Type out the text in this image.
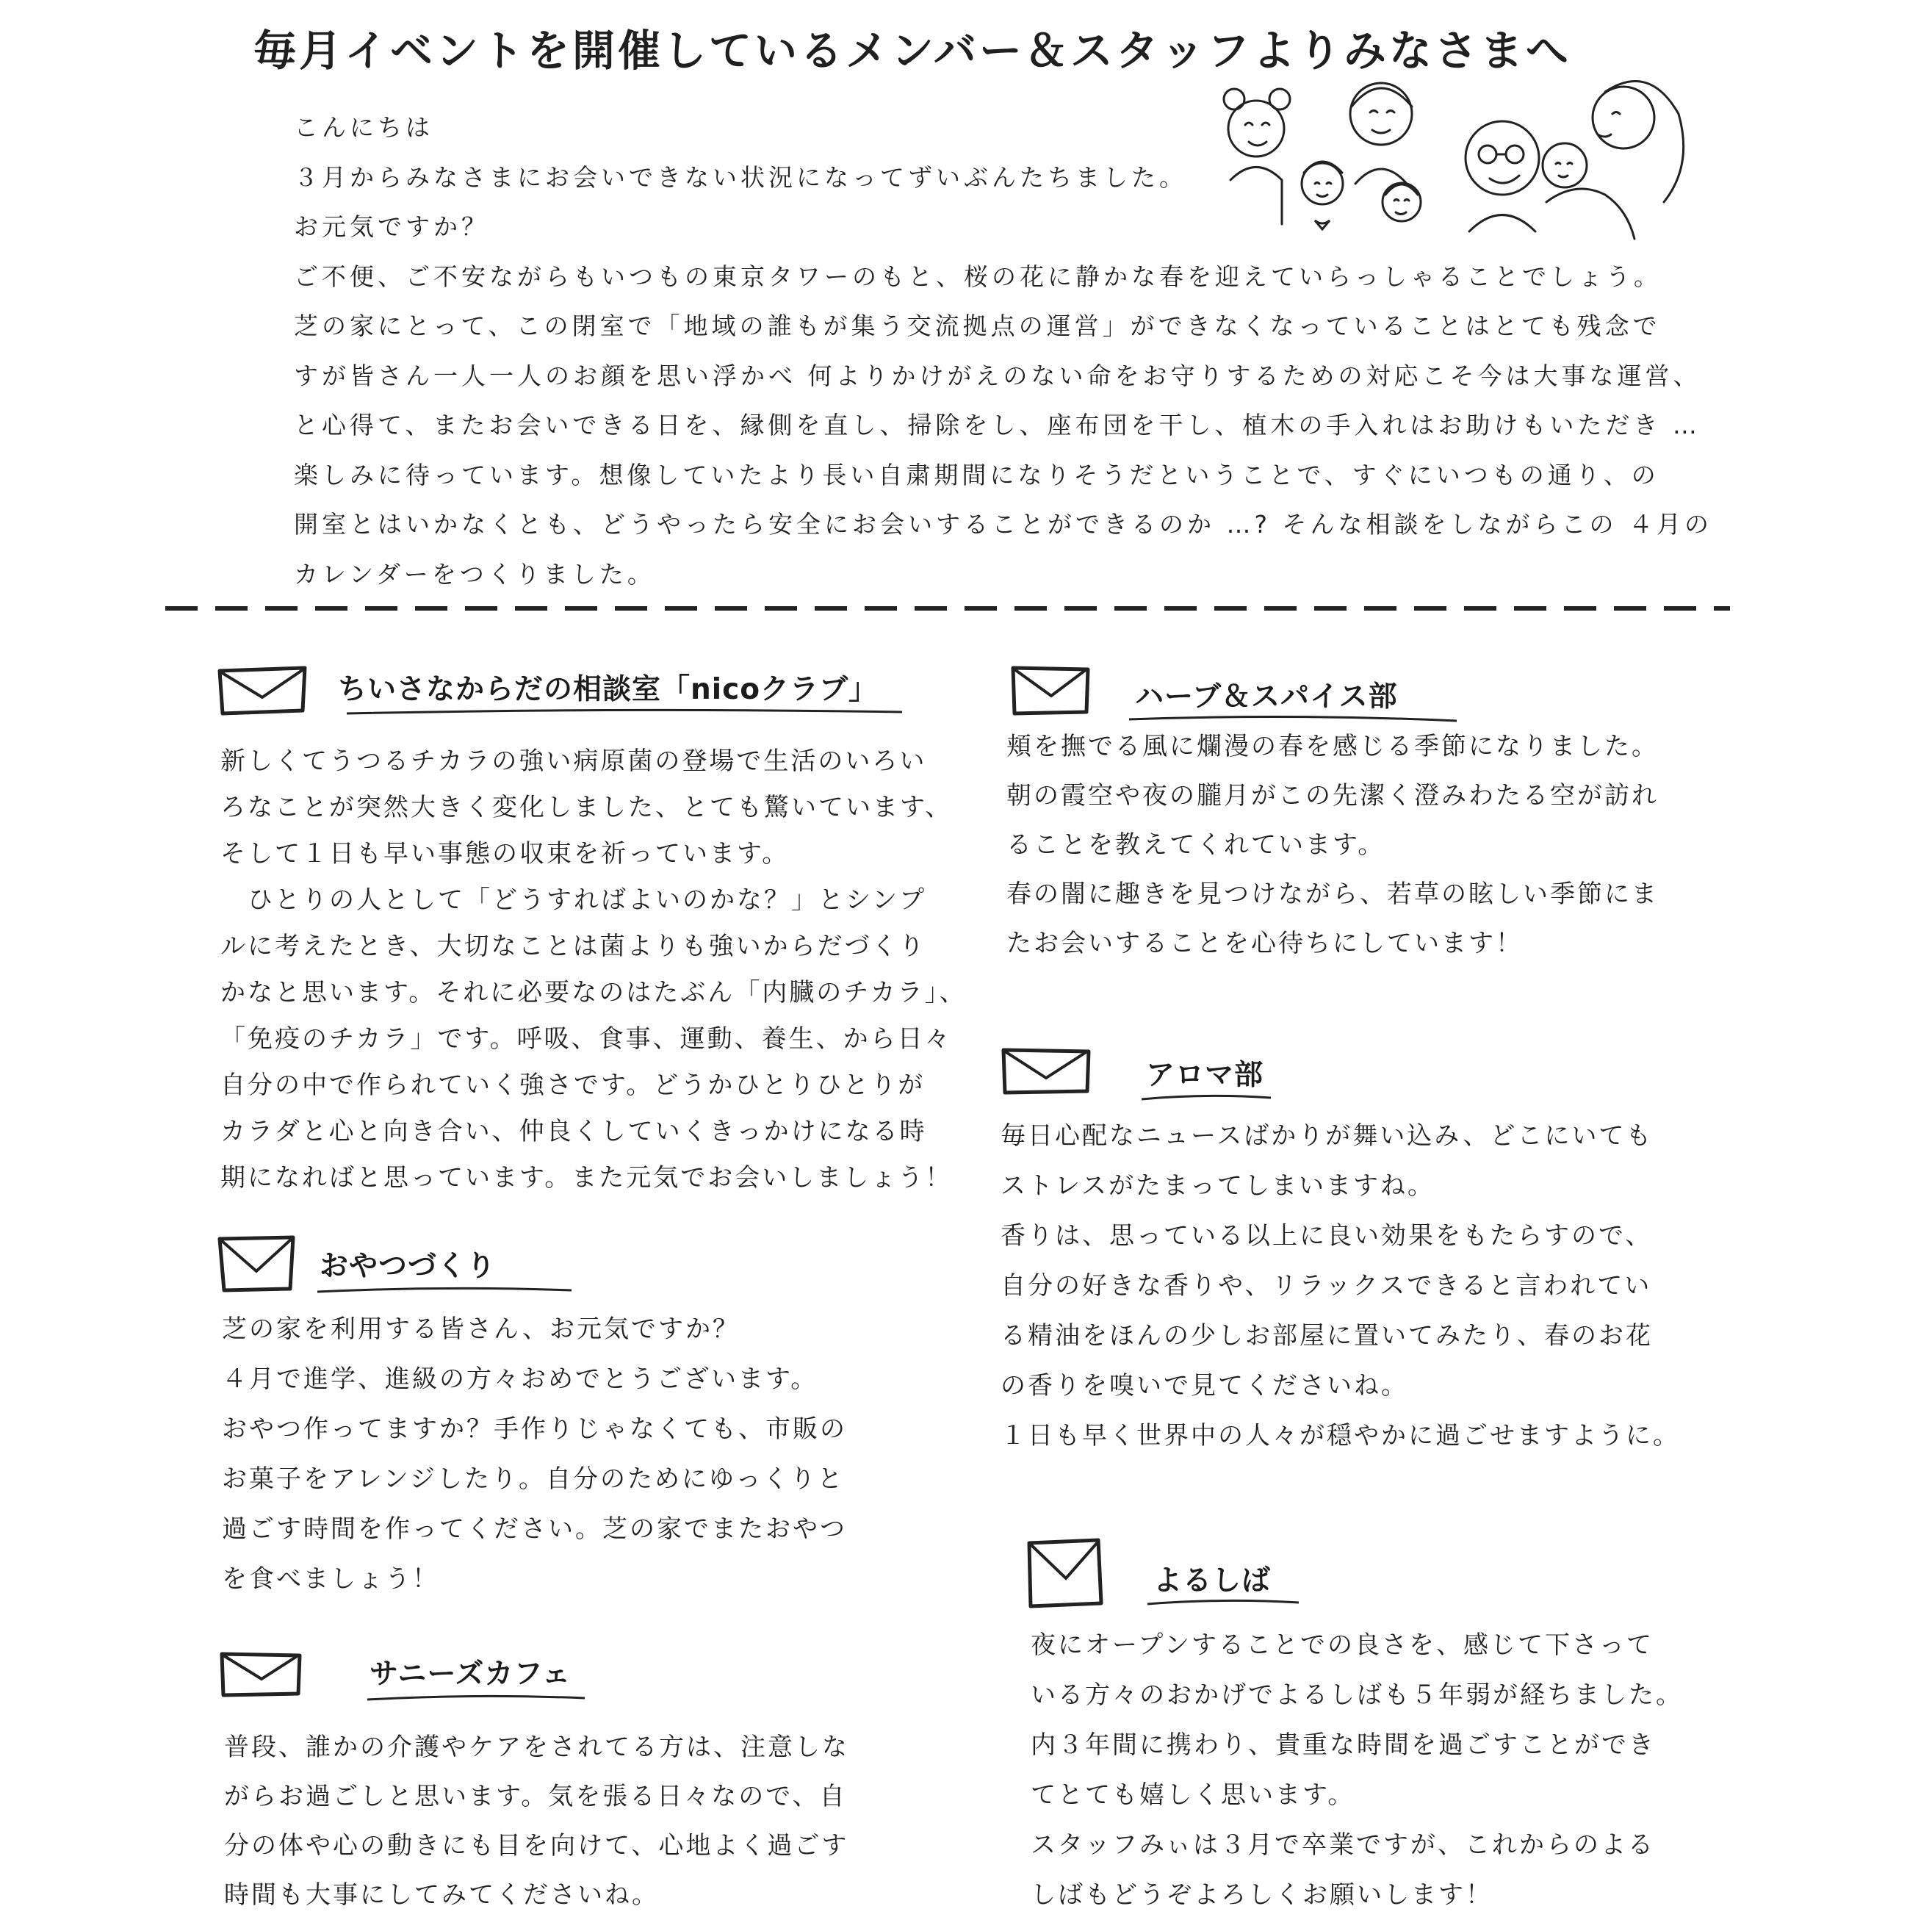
毎月イベントを開催しているメンバー＆スタッフよりみなさまへ
こんにちは
３月からみなさまにお会いできない状況になってずいぶんたちました。
お元気ですか？
ご不便、ご不安ながらもいつもの東京タワーのもと、桜の花に静かな春を迎えていらっしゃることでしょう。
芝の家にとって、この閉室で「地域の誰もが集う交流拠点の運営」ができなくなっていることはとても残念で
すが皆さん一人一人のお顔を思い浮かべ 何よりかけがえのない命をお守りするための対応こそ今は大事な運営、
と心得て、またお会いできる日を、縁側を直し、掃除をし、座布団を干し、植木の手入れはお助けもいただき …
楽しみに待っています。想像していたより長い自粛期間になりそうだということで、すぐにいつもの通り、の
開室とはいかなくとも、どうやったら安全にお会いすることができるのか …? そんな相談をしながらこの ４月の
カレンダーをつくりました。
ちいさなからだの相談室「nicoクラブ」
新しくてうつるチカラの強い病原菌の登場で生活のいろい
ろなことが突然大きく変化しました、とても驚いています、
そして１日も早い事態の収束を祈っています。
　ひとりの人として「どうすればよいのかな？」とシンプ
ルに考えたとき、大切なことは菌よりも強いからだづくり
かなと思います。それに必要なのはたぶん「内臓のチカラ」、
「免疫のチカラ」です。呼吸、食事、運動、養生、から日々
自分の中で作られていく強さです。どうかひとりひとりが
カラダと心と向き合い、仲良くしていくきっかけになる時
期になればと思っています。また元気でお会いしましょう！
おやつづくり
芝の家を利用する皆さん、お元気ですか？
４月で進学、進級の方々おめでとうございます。
おやつ作ってますか？手作りじゃなくても、市販の
お菓子をアレンジしたり。自分のためにゆっくりと
過ごす時間を作ってください。芝の家でまたおやつ
を食べましょう！
サニーズカフェ
普段、誰かの介護やケアをされてる方は、注意しな
がらお過ごしと思います。気を張る日々なので、自
分の体や心の動きにも目を向けて、心地よく過ごす
時間も大事にしてみてくださいね。
ハーブ＆スパイス部
頬を撫でる風に爛漫の春を感じる季節になりました。
朝の霞空や夜の朧月がこの先潔く澄みわたる空が訪れ
ることを教えてくれています。
春の闇に趣きを見つけながら、若草の眩しい季節にま
たお会いすることを心待ちにしています！
アロマ部
毎日心配なニュースばかりが舞い込み、どこにいても
ストレスがたまってしまいますね。
香りは、思っている以上に良い効果をもたらすので、
自分の好きな香りや、リラックスできると言われてい
る精油をほんの少しお部屋に置いてみたり、春のお花
の香りを嗅いで見てくださいね。
１日も早く世界中の人々が穏やかに過ごせますように。
よるしば
夜にオープンすることでの良さを、感じて下さって
いる方々のおかげでよるしばも５年弱が経ちました。
内３年間に携わり、貴重な時間を過ごすことができ
てとても嬉しく思います。
スタッフみぃは３月で卒業ですが、これからのよる
しばもどうぞよろしくお願いします！
